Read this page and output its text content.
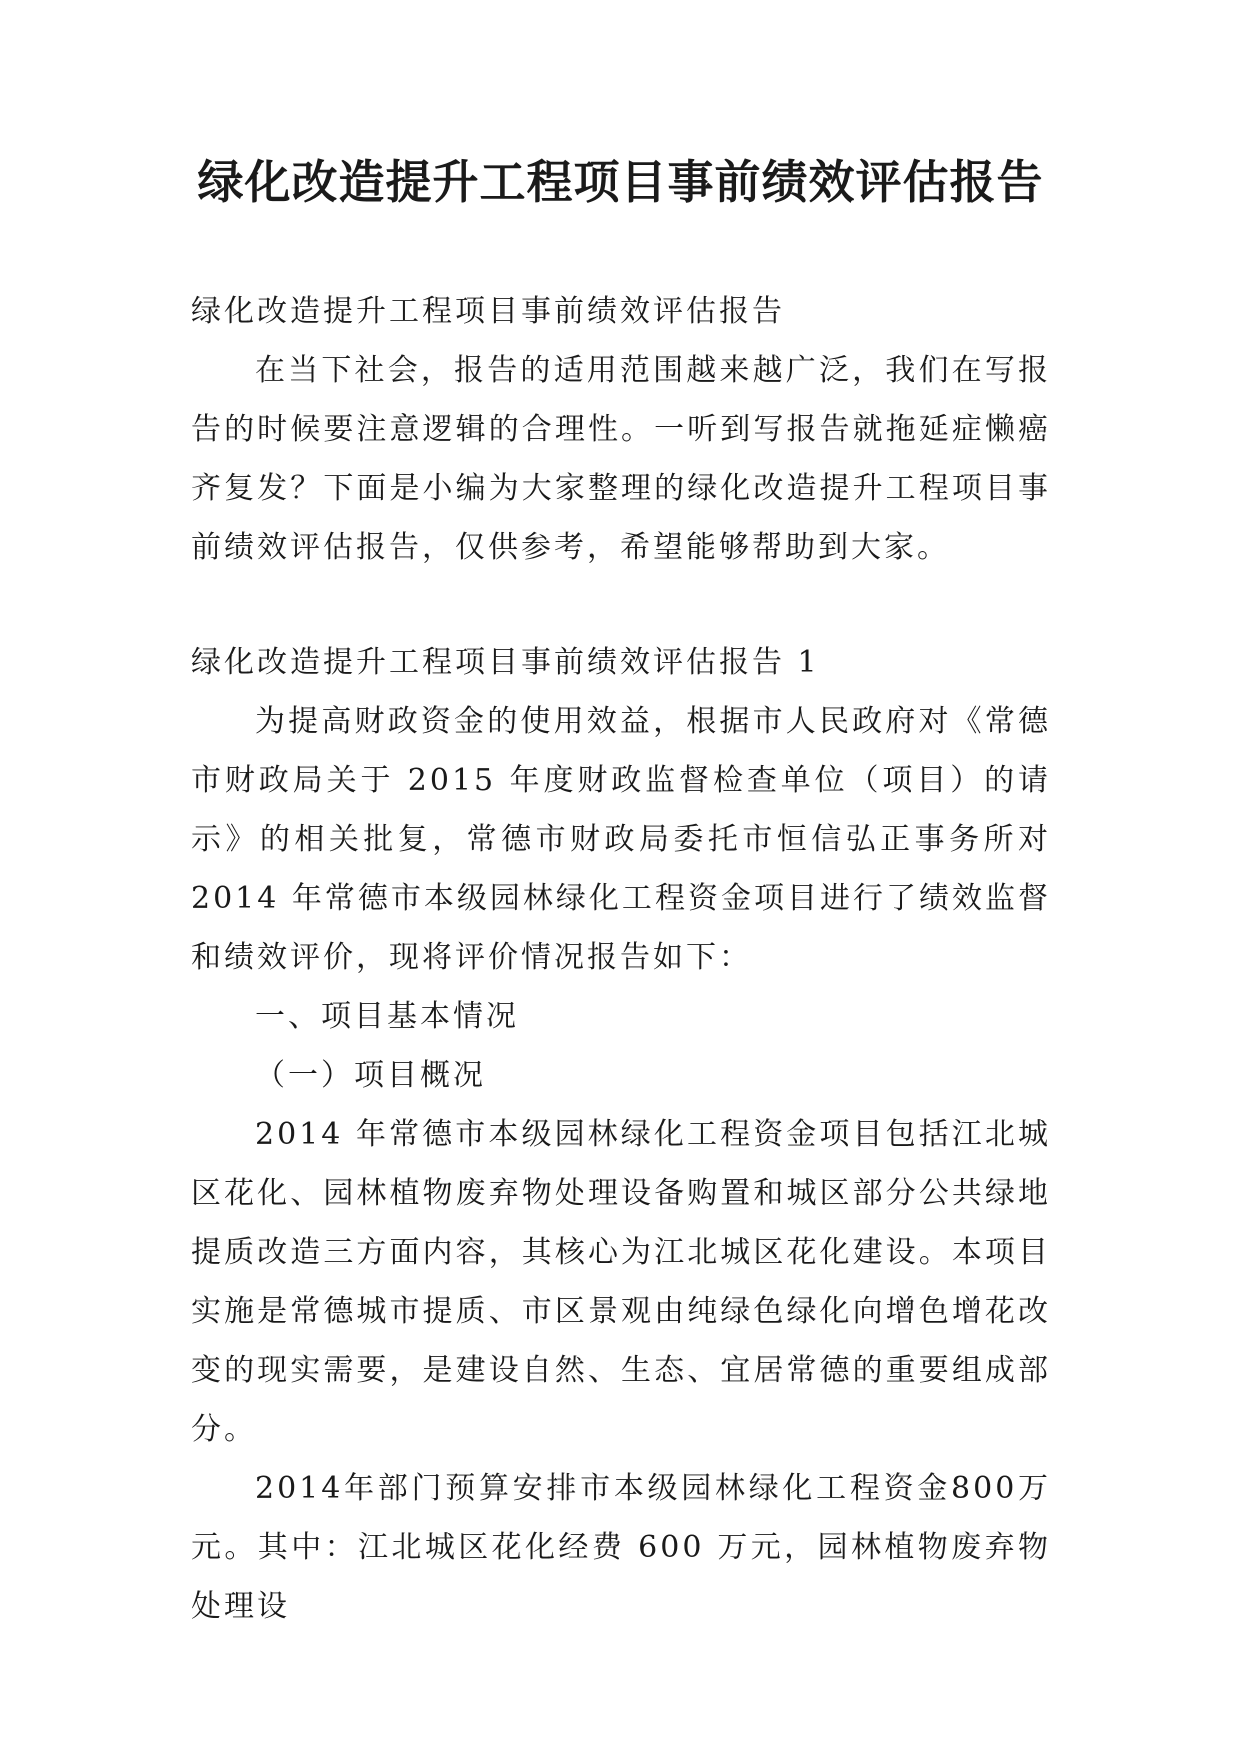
绿化改造提升工程项目事前绩效评估报告

绿化改造提升工程项目事前绩效评估报告

在当下社会，报告的适用范围越来越广泛，我们在写报告的时候要注意逻辑的合理性。一听到写报告就拖延症懒癌齐复发？下面是小编为大家整理的绿化改造提升工程项目事前绩效评估报告，仅供参考，希望能够帮助到大家。

绿化改造提升工程项目事前绩效评估报告 1

为提高财政资金的使用效益，根据市人民政府对《常德市财政局关于 2015 年度财政监督检查单位（项目）的请示》的相关批复，常德市财政局委托市恒信弘正事务所对 2014 年常德市本级园林绿化工程资金项目进行了绩效监督和绩效评价，现将评价情况报告如下：

一、项目基本情况

（一）项目概况

2014 年常德市本级园林绿化工程资金项目包括江北城区花化、园林植物废弃物处理设备购置和城区部分公共绿地提质改造三方面内容，其核心为江北城区花化建设。本项目实施是常德城市提质、市区景观由纯绿色绿化向增色增花改变的现实需要，是建设自然、生态、宜居常德的重要组成部分。

2014年部门预算安排市本级园林绿化工程资金800万元。其中：江北城区花化经费 600 万元，园林植物废弃物处理设
